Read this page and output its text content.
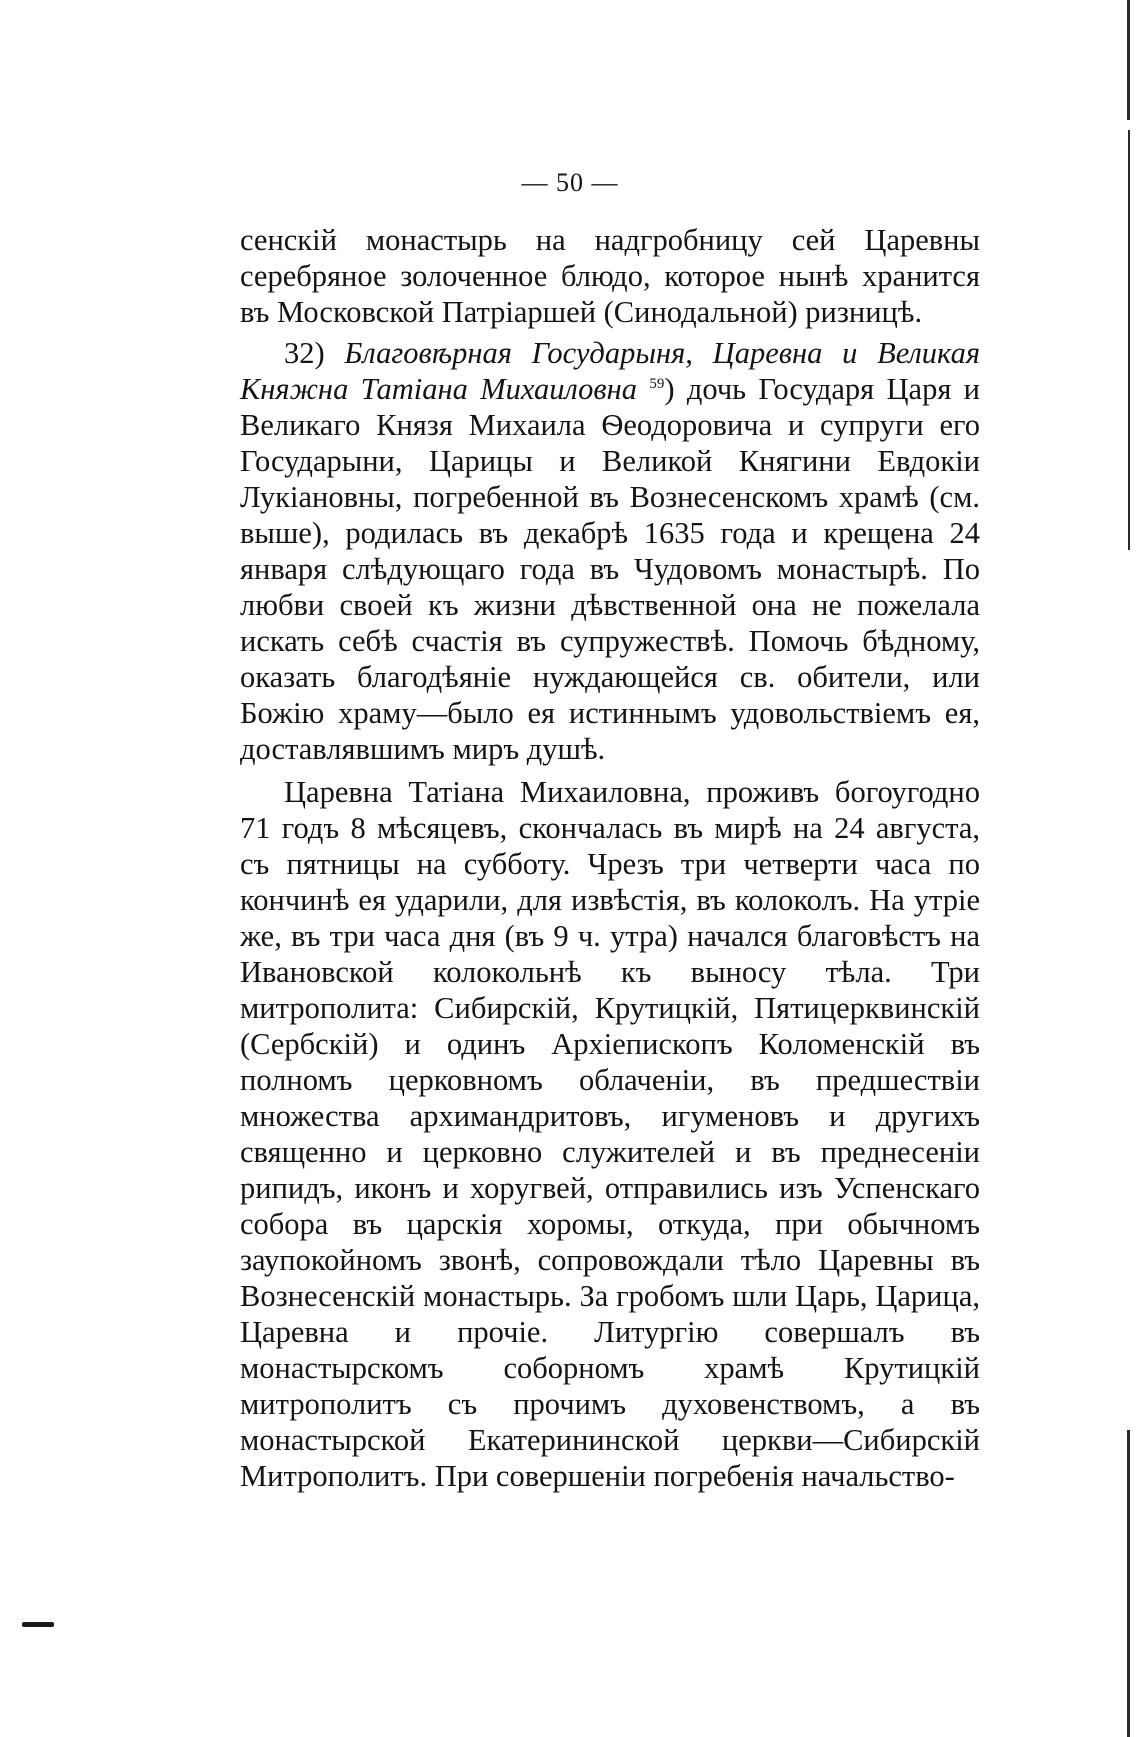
— 50 —

сенскій монастырь на надгробницу сей Царевны серебряное золоченное блюдо, которое нынѣ хранится въ Московской Патріаршей (Синодальной) ризницѣ.

32) Благовѣрная Государыня, Царевна и Великая Княжна Татіана Михаиловна $^{59}$) дочь Государя Царя и Великаго Князя Михаила Ѳеодоровича и супруги его Государыни, Царицы и Великой Княгини Евдокіи Лукіановны, погребенной въ Вознесенскомъ храмѣ (см. выше), родилась въ декабрѣ 1635 года и крещена 24 января слѣдующаго года въ Чудовомъ монастырѣ. По любви своей къ жизни дѣвственной она не пожелала искать себѣ счастія въ супружествѣ. Помочь бѣдному, оказать благодѣяніе нуждающейся св. обители, или Божію храму—было ея истиннымъ удовольствіемъ ея, доставлявшимъ миръ душѣ.

Царевна Татіана Михаиловна, проживъ богоугодно 71 годъ 8 мѣсяцевъ, скончалась въ мирѣ на 24 августа, съ пятницы на субботу. Чрезъ три четверти часа по кончинѣ ея ударили, для извѣстія, въ колоколъ. На утріе же, въ три часа дня (въ 9 ч. утра) начался благовѣстъ на Ивановской колокольнѣ къ выносу тѣла. Три митрополита: Сибирскій, Крутицкій, Пятицерквинскій (Сербскій) и одинъ Архіепископъ Коломенскій въ полномъ церковномъ облаченіи, въ предшествіи множества архимандритовъ, игуменовъ и другихъ священно и церковно служителей и въ преднесеніи рипидъ, иконъ и хоругвей, отправились изъ Успенскаго собора въ царскія хоромы, откуда, при обычномъ заупокойномъ звонѣ, сопровождали тѣло Царевны въ Вознесенскій монастырь. За гробомъ шли Царь, Царица, Царевна и прочіе. Литургію совершалъ въ монастырскомъ соборномъ храмѣ Крутицкій митрополитъ съ прочимъ духовенствомъ, а въ монастырской Екатерининской церкви—Сибирскій Митрополитъ. При совершеніи погребенія начальство-
